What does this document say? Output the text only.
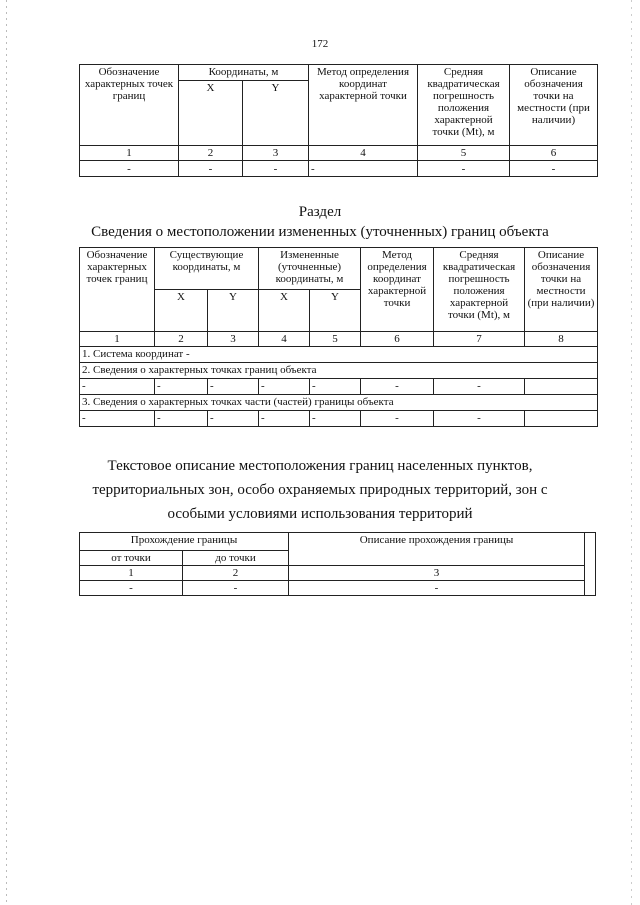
172
Обозначение характерных точек границ	Координаты, м		Метод определения координат характерной точки	Средняя квадратическая погрешность положения характерной точки (Mt), м	Описание обозначения точки на местности (при наличии)
	X	Y			
1	2	3	4	5	6
-	-	-	-	-	-
Раздел
Сведения о местоположении измененных (уточненных) границ объекта
Обозначение характерных точек границ	Существующие координаты, м		Измененные (уточненные) координаты, м		Метод определения координат характерной точки	Средняя квадратическая погрешность положения характерной точки (Mt), м	Описание обозначения точки на местности (при наличии)
	X	Y	X	Y			
1	2	3	4	5	6	7	8
1. Система координат -							
2. Сведения о характерных точках границ объекта							
-	-	-	-	-	-	-	
3. Сведения о характерных точках части (частей) границы объекта							
-	-	-	-	-	-	-	
Текстовое описание местоположения границ населенных пунктов,
территориальных зон, особо охраняемых природных территорий, зон с
особыми условиями использования территорий
Прохождение границы		Описание прохождения границы	
от точки	до точки		
1	2	3	
-	-	-	
